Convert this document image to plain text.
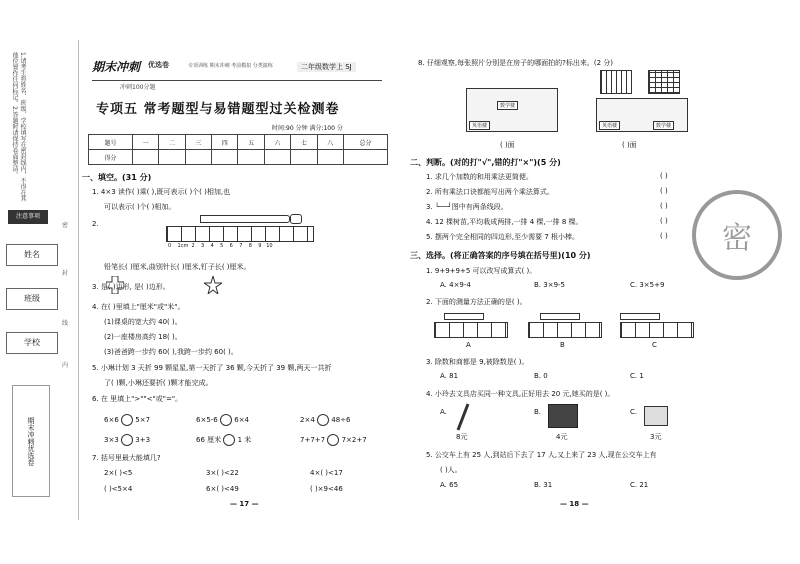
1.请考生将姓名、班级、学校填写在密封线内，不得在其他位置作任何标记。2.答题时请保持卷面整洁。
注意事项
姓名
班级
学校
密
封
线
内
期末冲刺优选卷
期末冲刺 优选卷	专项训练 期末冲刺 考前模拟 分类演练	二年级数学上 SJ
冲刺100分题
专项五 常考题型与易错题型过关检测卷
时间:90 分钟 满分:100 分
题号	一	二	三	四	五	六	七	八	总分
得分									
一、填空。(31 分)
1. 4×3 读作( )乘( ),既可表示( )个( )相加,也
可以表示( )个( )相加。
2.
0    1cm  2    3    4    5    6    7    8    9   10
铅笔长( )厘米,曲别针长( )厘米,钉子长( )厘米。
3. 是( )边形, 是( )边形。
4. 在( )里填上"厘米"或"米"。
(1)课桌的宽大约 40( )。
(2)一座楼房高约 18( )。
(3)爸爸跨一步约 60( ),我跨一步约 60( )。
5. 小琳计划 3 天折 99 颗星星,第一天折了 36 颗,今天折了 39 颗,两天一共折
了( )颗,小琳还要折( )颗才能完成。
6. 在 里填上">""<"或"="。
6×6 5×7	6×5-6 6×4	2×4 48÷6
3×3 3+3	66 厘米 1 米	7+7+7 7×2+7
7. 括号里最大能填几?
2×( )<5	3×( )<22	4×( )<17
( )<5×4	6×( )<49	( )×9<46
— 17 —
8. 仔细观察,每张照片分别是在房子的哪面拍的?标出来。(2 分)
数学楼
英语楼	英语楼	数学楼
( )面	( )面
二、判断。(对的打"√",错的打"×")(5 分)
1. 求几个加数的和用乘法更简便。
2. 所有乘法口诀都能写出两个乘法算式。
3. └──┘图中有两条线段。
4. 12 棵树苗,平均栽成两排,一排 4 棵,一排 8 棵。
5. 摆两个完全相同的四边形,至少需要 7 根小棒。
( )
( )
( )
( )
( )	密
三、选择。(将正确答案的序号填在括号里)(10 分)
1. 9+9+9+5 可以改写成算式( )。
A. 4×9-4	B. 3×9-5	C. 3×5+9
2. 下面的测量方法正确的是( )。
A	B	C
3. 除数和商都是 9,被除数是( )。
A. 81	B. 0	C. 1
4. 小玲去文具店买同一种文具,正好用去 20 元,她买的是( )。
A.
8元
B.
4元
C.
3元
5. 公交车上有 25 人,到站后下去了 17 人,又上来了 23 人,现在公交车上有
( )人。
A. 65	B. 31	C. 21
— 18 —
